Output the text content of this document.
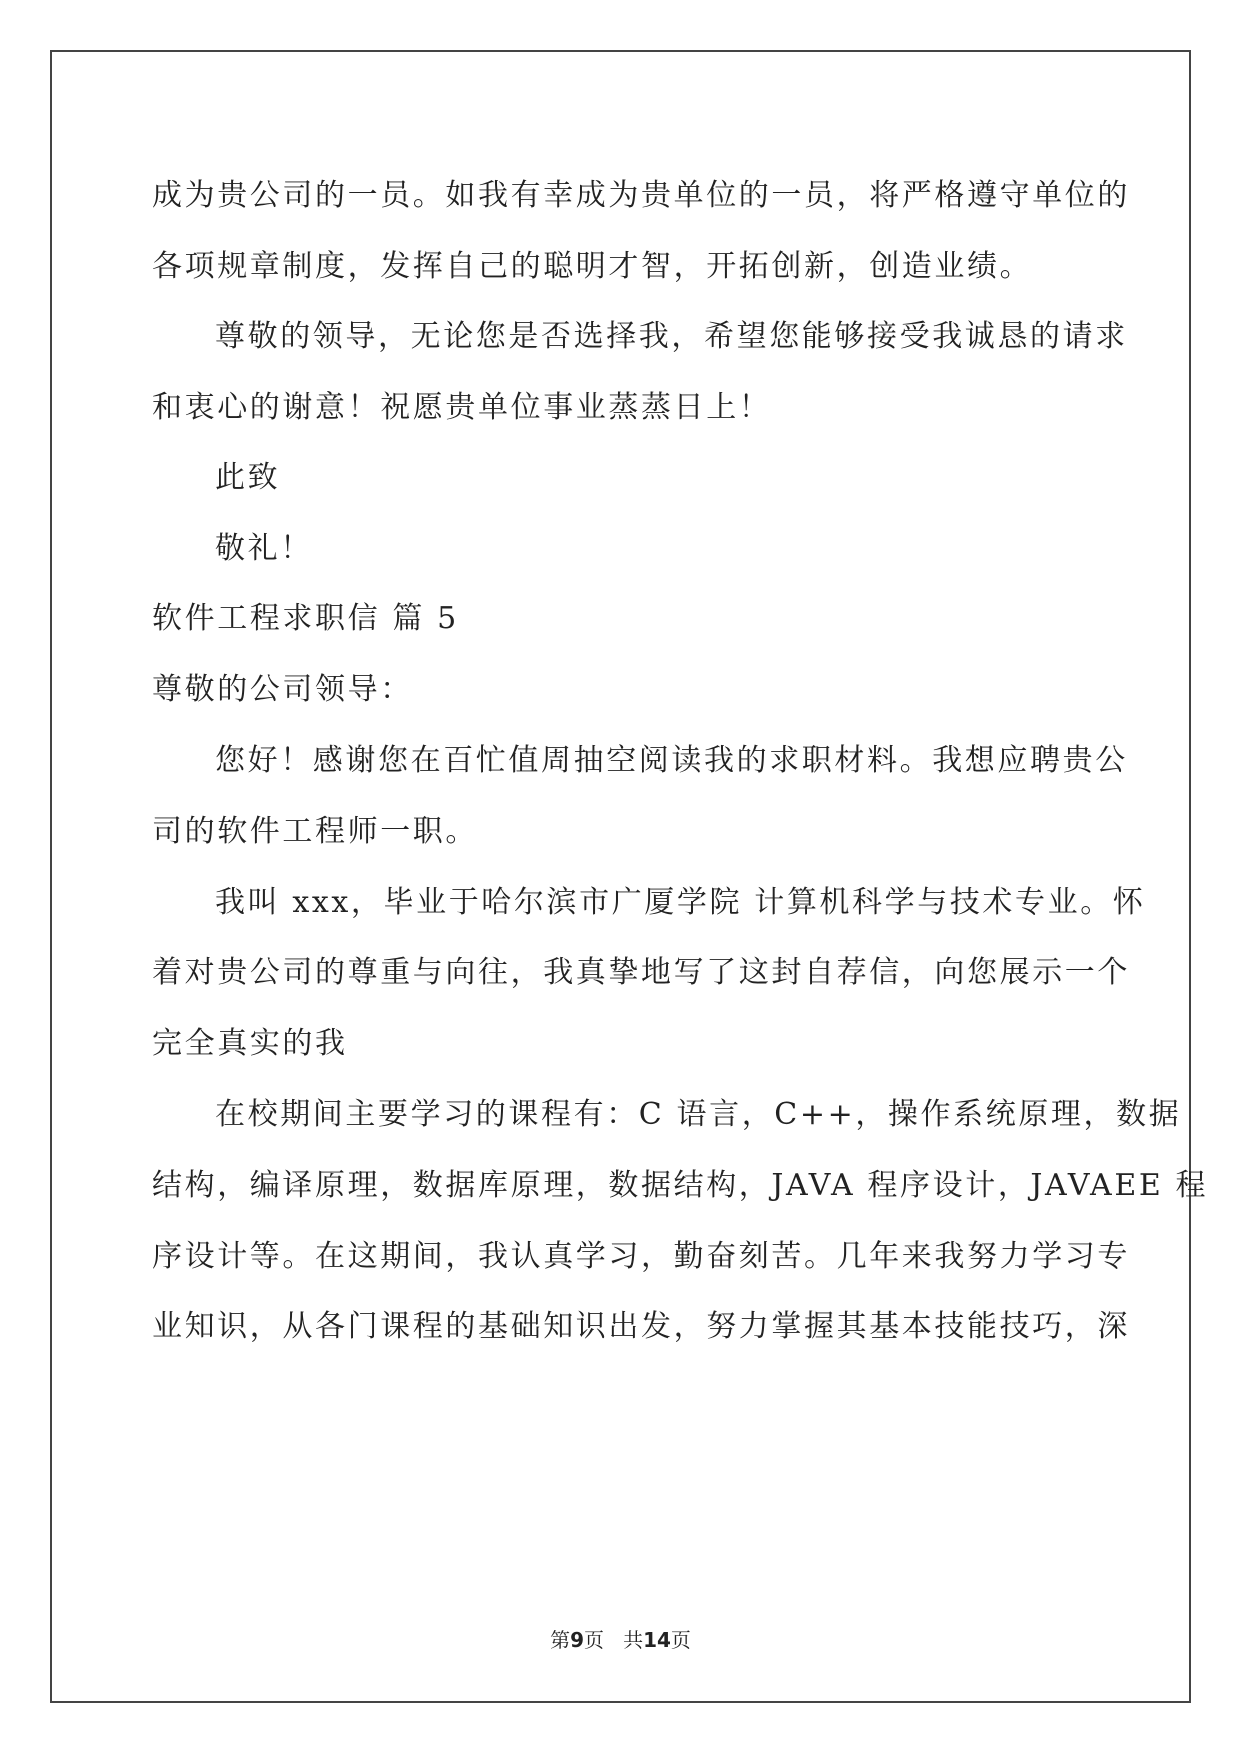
成为贵公司的一员。如我有幸成为贵单位的一员，将严格遵守单位的
各项规章制度，发挥自己的聪明才智，开拓创新，创造业绩。
尊敬的领导，无论您是否选择我，希望您能够接受我诚恳的请求
和衷心的谢意！祝愿贵单位事业蒸蒸日上！
此致
敬礼！
软件工程求职信 篇 5
尊敬的公司领导：
您好！感谢您在百忙值周抽空阅读我的求职材料。我想应聘贵公
司的软件工程师一职。
我叫 xxx，毕业于哈尔滨市广厦学院 计算机科学与技术专业。怀
着对贵公司的尊重与向往，我真挚地写了这封自荐信，向您展示一个
完全真实的我
在校期间主要学习的课程有：C 语言，C++，操作系统原理，数据
结构，编译原理，数据库原理，数据结构，JAVA 程序设计，JAVAEE 程
序设计等。在这期间，我认真学习，勤奋刻苦。几年来我努力学习专
业知识，从各门课程的基础知识出发，努力掌握其基本技能技巧，深
第9页   共14页
